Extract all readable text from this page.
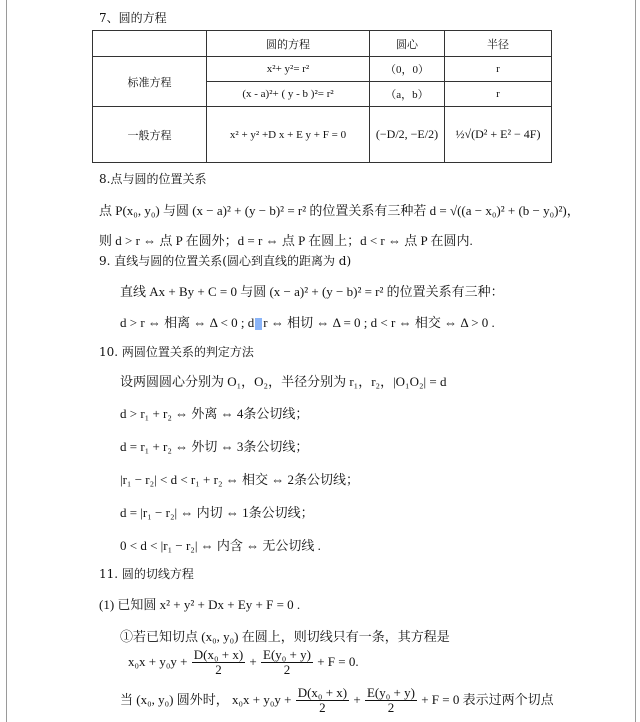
7、圆的方程
	圆的方程	圆心	半径
标准方程	x²+ y²= r²	（0，0）	r
	(x - a)²+ ( y - b )²= r²	（a，b）	r
一般方程	x² + y² +D x + E y + F = 0	(−D/2, −E/2)	½√(D² + E² − 4F)
8.点与圆的位置关系
点 P(x₀, y₀) 与圆 (x − a)² + (y − b)² = r² 的位置关系有三种若 d = √((a − x₀)² + (b − y₀)²)，
则 d > r ⇔ 点 P 在圆外；d = r ⇔ 点 P 在圆上；d < r ⇔ 点 P 在圆内.
9. 直线与圆的位置关系(圆心到直线的距离为 d)
直线 Ax + By + C = 0 与圆 (x − a)² + (y − b)² = r² 的位置关系有三种：
d > r ⇔ 相离 ⇔ Δ < 0 ; d r ⇔ 相切 ⇔ Δ = 0 ; d < r ⇔ 相交 ⇔ Δ > 0 .
10. 两圆位置关系的判定方法
设两圆圆心分别为 O₁，O₂，半径分别为 r₁，r₂，|O₁O₂| = d
d > r₁ + r₂ ⇔ 外离 ⇔ 4条公切线；
d = r₁ + r₂ ⇔ 外切 ⇔ 3条公切线；
|r₁ − r₂| < d < r₁ + r₂ ⇔ 相交 ⇔ 2条公切线；
d = |r₁ − r₂| ⇔ 内切 ⇔ 1条公切线；
0 < d < |r₁ − r₂| ⇔ 内含 ⇔ 无公切线 .
11. 圆的切线方程
(1) 已知圆 x² + y² + Dx + Ey + F = 0 .
①若已知切点 (x₀, y₀) 在圆上，则切线只有一条，其方程是
$x_0x + y_0y + \frac{\text{D(x₀ + x)}}{2} + \frac{\text{E(y₀ + y)}}{2} + F = 0$.
当 (x₀, y₀) 圆外时， $x_0x + y_0y + \frac{\text{D(x₀ + x)}}{2} + \frac{\text{E(y₀ + y)}}{2} + F = 0$ 表示过两个切点
